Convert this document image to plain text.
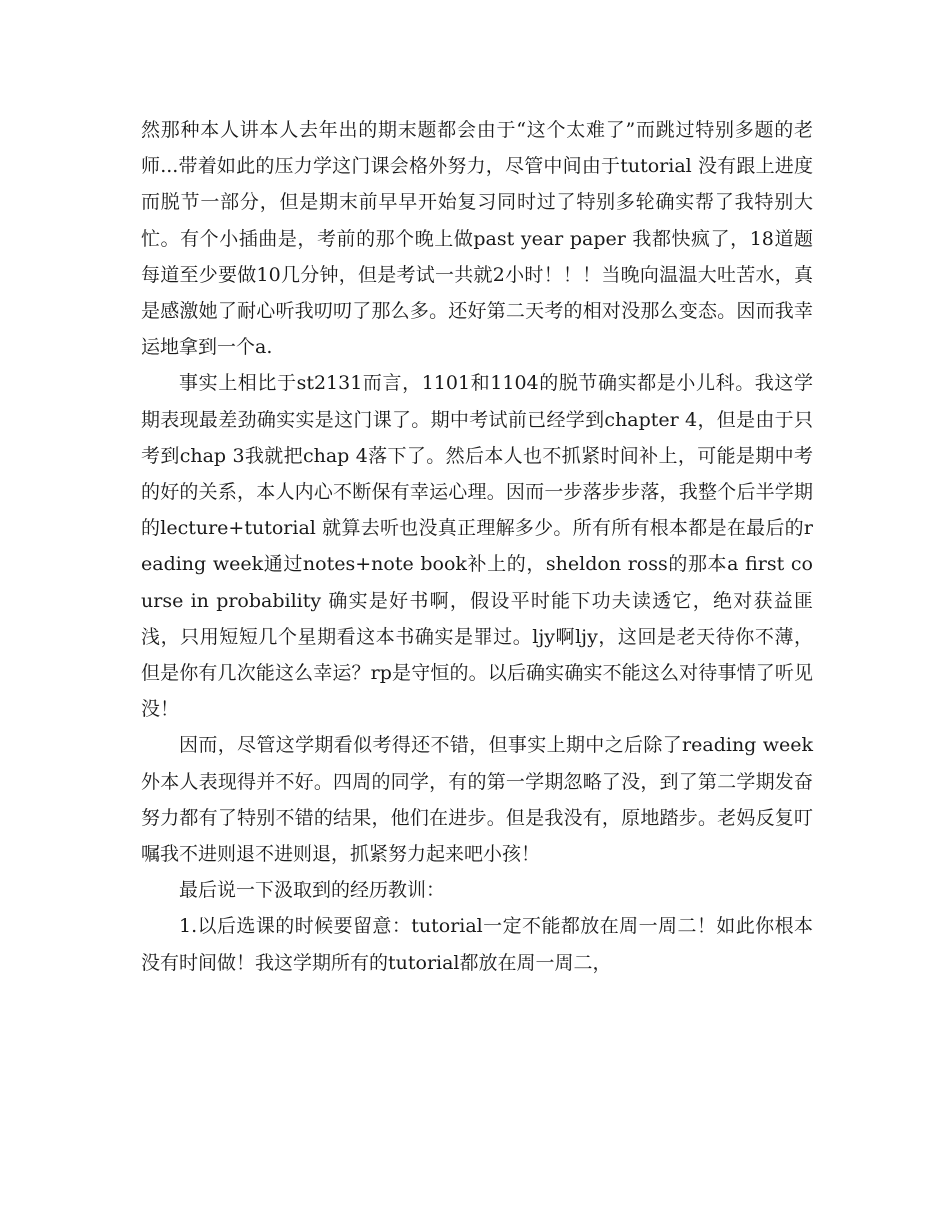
然那种本人讲本人去年出的期末题都会由于“这个太难了”而跳过特别多题的老师...带着如此的压力学这门课会格外努力，尽管中间由于tutorial 没有跟上进度而脱节一部分，但是期末前早早开始复习同时过了特别多轮确实帮了我特别大忙。有个小插曲是，考前的那个晚上做past year paper 我都快疯了，18道题每道至少要做10几分钟，但是考试一共就2小时！！！当晚向温温大吐苦水，真是感激她了耐心听我叨叨了那么多。还好第二天考的相对没那么变态。因而我幸运地拿到一个a.

事实上相比于st2131而言，1101和1104的脱节确实都是小儿科。我这学期表现最差劲确实实是这门课了。期中考试前已经学到chapter 4，但是由于只考到chap 3我就把chap 4落下了。然后本人也不抓紧时间补上，可能是期中考的好的关系，本人内心不断保有幸运心理。因而一步落步步落，我整个后半学期的lecture+tutorial 就算去听也没真正理解多少。所有所有根本都是在最后的reading week通过notes+note book补上的，sheldon ross的那本a first course in probability 确实是好书啊，假设平时能下功夫读透它，绝对获益匪浅，只用短短几个星期看这本书确实是罪过。ljy啊ljy，这回是老天待你不薄，但是你有几次能这么幸运？rp是守恒的。以后确实确实不能这么对待事情了听见没！

因而，尽管这学期看似考得还不错，但事实上期中之后除了reading week 外本人表现得并不好。四周的同学，有的第一学期忽略了没，到了第二学期发奋努力都有了特别不错的结果，他们在进步。但是我没有，原地踏步。老妈反复叮嘱我不进则退不进则退，抓紧努力起来吧小孩！

最后说一下汲取到的经历教训：

1.以后选课的时候要留意：tutorial一定不能都放在周一周二！如此你根本没有时间做！我这学期所有的tutorial都放在周一周二，
